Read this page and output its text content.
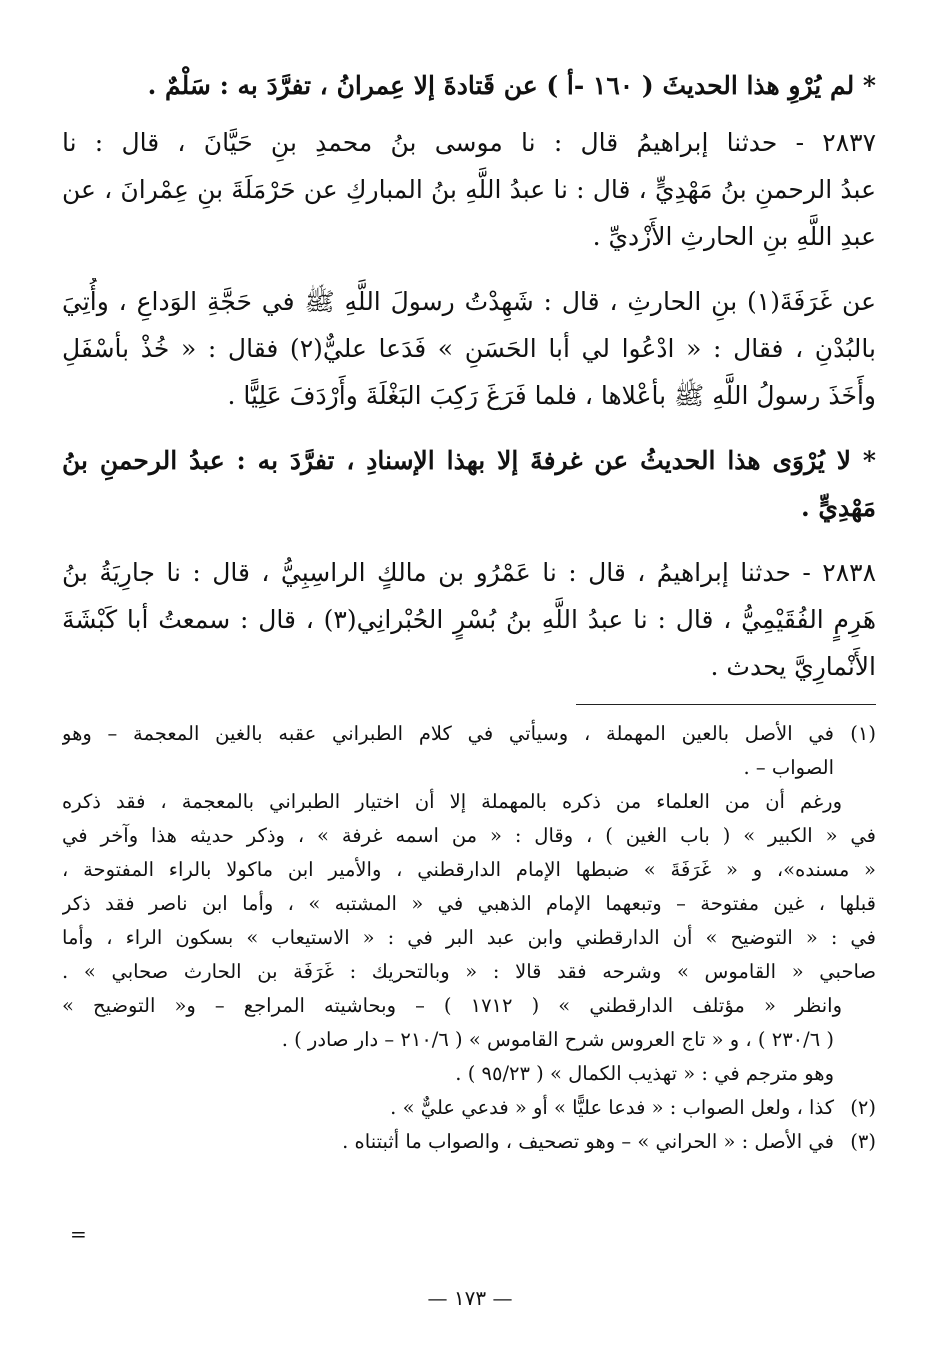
* لم يُرْوِ هذا الحديثَ ( ١٦٠ -أ ) عن قَتادةَ إلا عِمرانُ ، تفرَّدَ به : سَلْمٌ .

٢٨٣٧ - حدثنا إبراهيمُ قال : نا موسى بنُ محمدِ بنِ حَيَّانَ ، قال : نا

عبدُ الرحمنِ بنُ مَهْدِيٍّ ، قال : نا عبدُ اللَّهِ بنُ المباركِ عن حَرْمَلَةَ بنِ عِمْرانَ ، عن

عبدِ اللَّهِ بنِ الحارثِ الأَزْديِّ .

عن غَرَفَةَ(١) بنِ الحارثِ ، قال : شَهِدْتُ رسولَ اللَّهِ ﷺ في حَجَّةِ الوَداعِ ، وأُتِيَ

بالبُدْنِ ، فقال : « ادْعُوا لي أبا الحَسَنِ » فَدَعا عليٌّ(٢) فقال : « خُذْ بأسْفَلِ

وأَخَذَ رسولُ اللَّهِ ﷺ بأعْلاها ، فلما فَرَغَ رَكِبَ البَغْلَةَ وأَرْدَفَ عَلِيًّا .

* لا يُرْوَى هذا الحديثُ عن غرفةَ إلا بهذا الإسنادِ ، تفرَّدَ به : عبدُ الرحمنِ بنُ

مَهْدِيٍّ .

٢٨٣٨ - حدثنا إبراهيمُ ، قال : نا عَمْرُو بن مالكٍ الراسِبِيُّ ، قال : نا جارِيَةُ بنُ

هَرِمٍ الفُقَيْمِيُّ ، قال : نا عبدُ اللَّهِ بنُ بُسْرٍ الحُبْرانِي(٣) ، قال : سمعتُ أبا كَبْشَةَ

الأَنْمارِيَّ يحدث .

(١)في الأصل بالعين المهملة ، وسيأتي في كلام الطبراني عقبه بالغين المعجمة – وهو

الصواب – .

ورغم أن من العلماء من ذكره بالمهملة إلا أن اختيار الطبراني بالمعجمة ، فقد ذكره

في « الكبير » ( باب الغين ) ، وقال : « من اسمه غرفة » ، وذكر حديثه هذا وآخر في

« مسنده»، و « غَرَفَةَ » ضبطها الإمام الدارقطني ، والأمير ابن ماكولا بالراء المفتوحة ،

قبلها ، غين مفتوحة – وتبعهما الإمام الذهبي في « المشتبه » ، وأما ابن ناصر فقد ذكر

في : « التوضيح » أن الدارقطني وابن عبد البر في : « الاستيعاب » بسكون الراء ، وأما

صاحبي « القاموس » وشرحه فقد قالا : « وبالتحريك : غَرَفَة بن الحارث صحابي » .

وانظر « مؤتلف الدارقطني » ( ١٧١٢ ) – وبحاشيته المراجع – و« التوضيح »

( ٢٣٠/٦ ) ، و « تاج العروس شرح القاموس » ( ٢١٠/٦ – دار صادر ) .

وهو مترجم في : « تهذيب الكمال » ( ٩٥/٢٣ ) .

(٢)كذا ، ولعل الصواب : « فدعا عليًّا » أو « فدعي عليٌّ » .

(٣)في الأصل : « الحراني » – وهو تصحيف ، والصواب ما أثبتناه .

=
— ١٧٣ —
